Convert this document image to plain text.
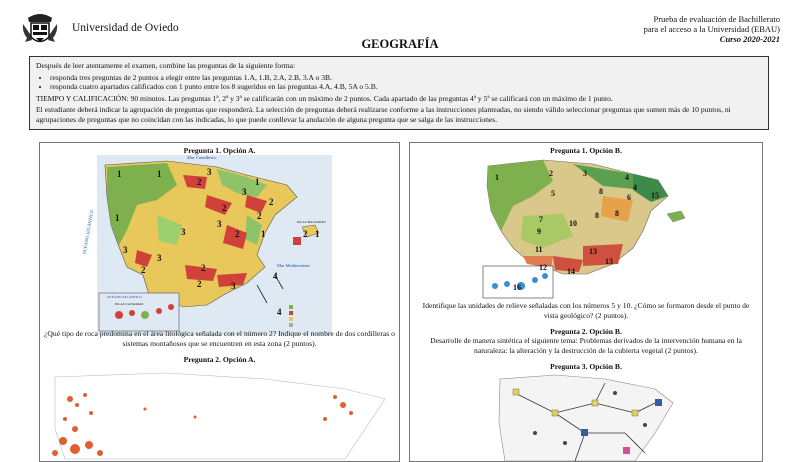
Universidad de Oviedo
GEOGRAFÍA
Prueba de evaluación de Bachillerato
para el acceso a la Universidad (EBAU)
Curso 2020-2021
Después de leer atentamente el examen, combine las preguntas de la siguiente forma:
• responda tres preguntas de 2 puntos a elegir entre las preguntas 1.A, 1.B, 2.A, 2.B, 3.A o 3B.
• responda cuatro apartados calificados con 1 punto entre los 8 sugeridos en las preguntas 4.A, 4.B, 5A o 5.B.

TIEMPO Y CALIFICACIÓN: 90 minutos. Las preguntas 1ª, 2ª y 3ª se calificarán con un máximo de 2 puntos. Cada apartado de las preguntas 4ª y 5ª se calificará con un máximo de 1 punto.

El estudiante deberá indicar la agrupación de preguntas que responderá. La selección de preguntas deberá realizarse conforme a las instrucciones planteadas, no siendo válido seleccionar preguntas que sumen más de 10 puntos, ni agrupaciones de preguntas que no coincidan con las indicadas, lo que puede conllevar la anulación de alguna pregunta que se salga de las instrucciones.

Pregunta 1. Opción A.
Mar Cantábrico
OCÉANO ATLÁNTICO	ISLAS BALEARES
Mar Mediterráneo
ISLAS CANARIAS
OCÉANO ATLÁNTICO
1	1
1
2
3
3
2
2
2
3
1
2
3	1
3
3
2
4
2	3
2 1
4
2
¿Qué tipo de roca predomina en el área litológica señalada con el número 2? Indique el nombre de dos cordilleras o sistemas montañosos que se encuentren en esta zona (2 puntos).
Pregunta 2. Opción A.
Pregunta 1. Opción B.
1	2	3	4
4
5	8
6	15
7
9
10
8 8
11	13
12
13
14
16
Identifique las unidades de relieve señaladas con los números 5 y 10. ¿Cómo se formaron desde el punto de vista geológico? (2 puntos).
Pregunta 2. Opción B.
Desarrolle de manera sintética el siguiente tema: Problemas derivados de la intervención humana en la naturaleza: la alteración y la destrucción de la cubierta vegetal (2 puntos).
Pregunta 3. Opción B.
